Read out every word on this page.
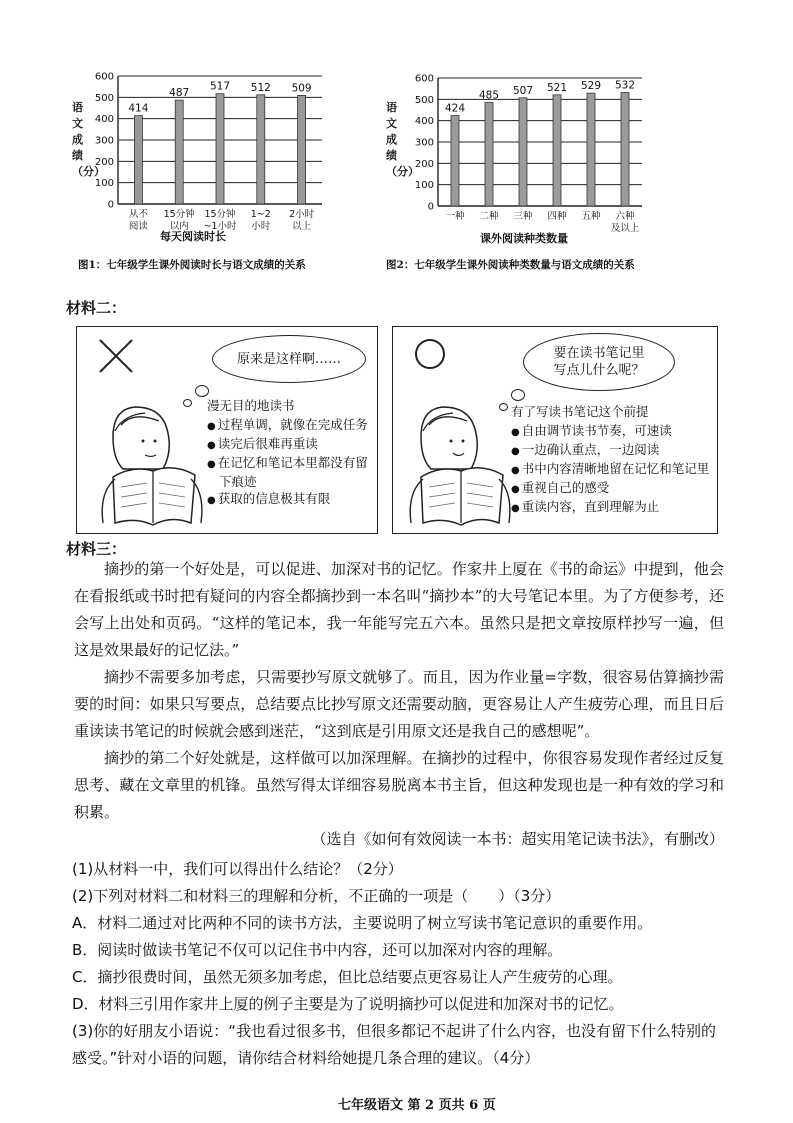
0
100
200
300
400
500
600
414
从不
阅读
487
15分钟
以内
517
15分钟
~1小时
512
1~2
小时
509
2小时
以上
语文成绩（分）
每天阅读时长
图1：七年级学生课外阅读时长与语文成绩的关系
0
100
200
300
400
500
600
424
一种
485
二种
507
三种
521
四种
529
五种
532
六种
及以上
语文成绩（分）
课外阅读种类数量
图2：七年级学生课外阅读种类数量与语文成绩的关系
材料二：
原来是这样啊……
漫无目的地读书
● 过程单调，就像在完成任务
● 读完后很难再重读
● 在记忆和笔记本里都没有留下痕迹
● 获取的信息极其有限
要在读书笔记里
写点儿什么呢？
有了写读书笔记这个前提
● 自由调节读书节奏，可速读
● 一边确认重点，一边阅读
● 书中内容清晰地留在记忆和笔记里
● 重视自己的感受
● 重读内容，直到理解为止
材料三：

摘抄的第一个好处是，可以促进、加深对书的记忆。作家井上厦在《书的命运》中提到，他会在看报纸或书时把有疑问的内容全都摘抄到一本名叫“摘抄本”的大号笔记本里。为了方便参考，还会写上出处和页码。“这样的笔记本，我一年能写完五六本。虽然只是把文章按原样抄写一遍，但这是效果最好的记忆法。”

摘抄不需要多加考虑，只需要抄写原文就够了。而且，因为作业量=字数，很容易估算摘抄需要的时间：如果只写要点，总结要点比抄写原文还需要动脑，更容易让人产生疲劳心理，而且日后重读读书笔记的时候就会感到迷茫，“这到底是引用原文还是我自己的感想呢”。

摘抄的第二个好处就是，这样做可以加深理解。在摘抄的过程中，你很容易发现作者经过反复思考、藏在文章里的机锋。虽然写得太详细容易脱离本书主旨，但这种发现也是一种有效的学习和积累。

（选自《如何有效阅读一本书：超实用笔记读书法》，有删改）

(1)从材料一中，我们可以得出什么结论？（2分）

(2)下列对材料二和材料三的理解和分析，不正确的一项是（　　）（3分）

A．材料二通过对比两种不同的读书方法，主要说明了树立写读书笔记意识的重要作用。

B．阅读时做读书笔记不仅可以记住书中内容，还可以加深对内容的理解。

C．摘抄很费时间，虽然无须多加考虑，但比总结要点更容易让人产生疲劳的心理。

D．材料三引用作家井上厦的例子主要是为了说明摘抄可以促进和加深对书的记忆。

(3)你的好朋友小语说：“我也看过很多书，但很多都记不起讲了什么内容，也没有留下什么特别的感受。”针对小语的问题，请你结合材料给她提几条合理的建议。（4分）

七年级语文 第 2 页共 6 页
